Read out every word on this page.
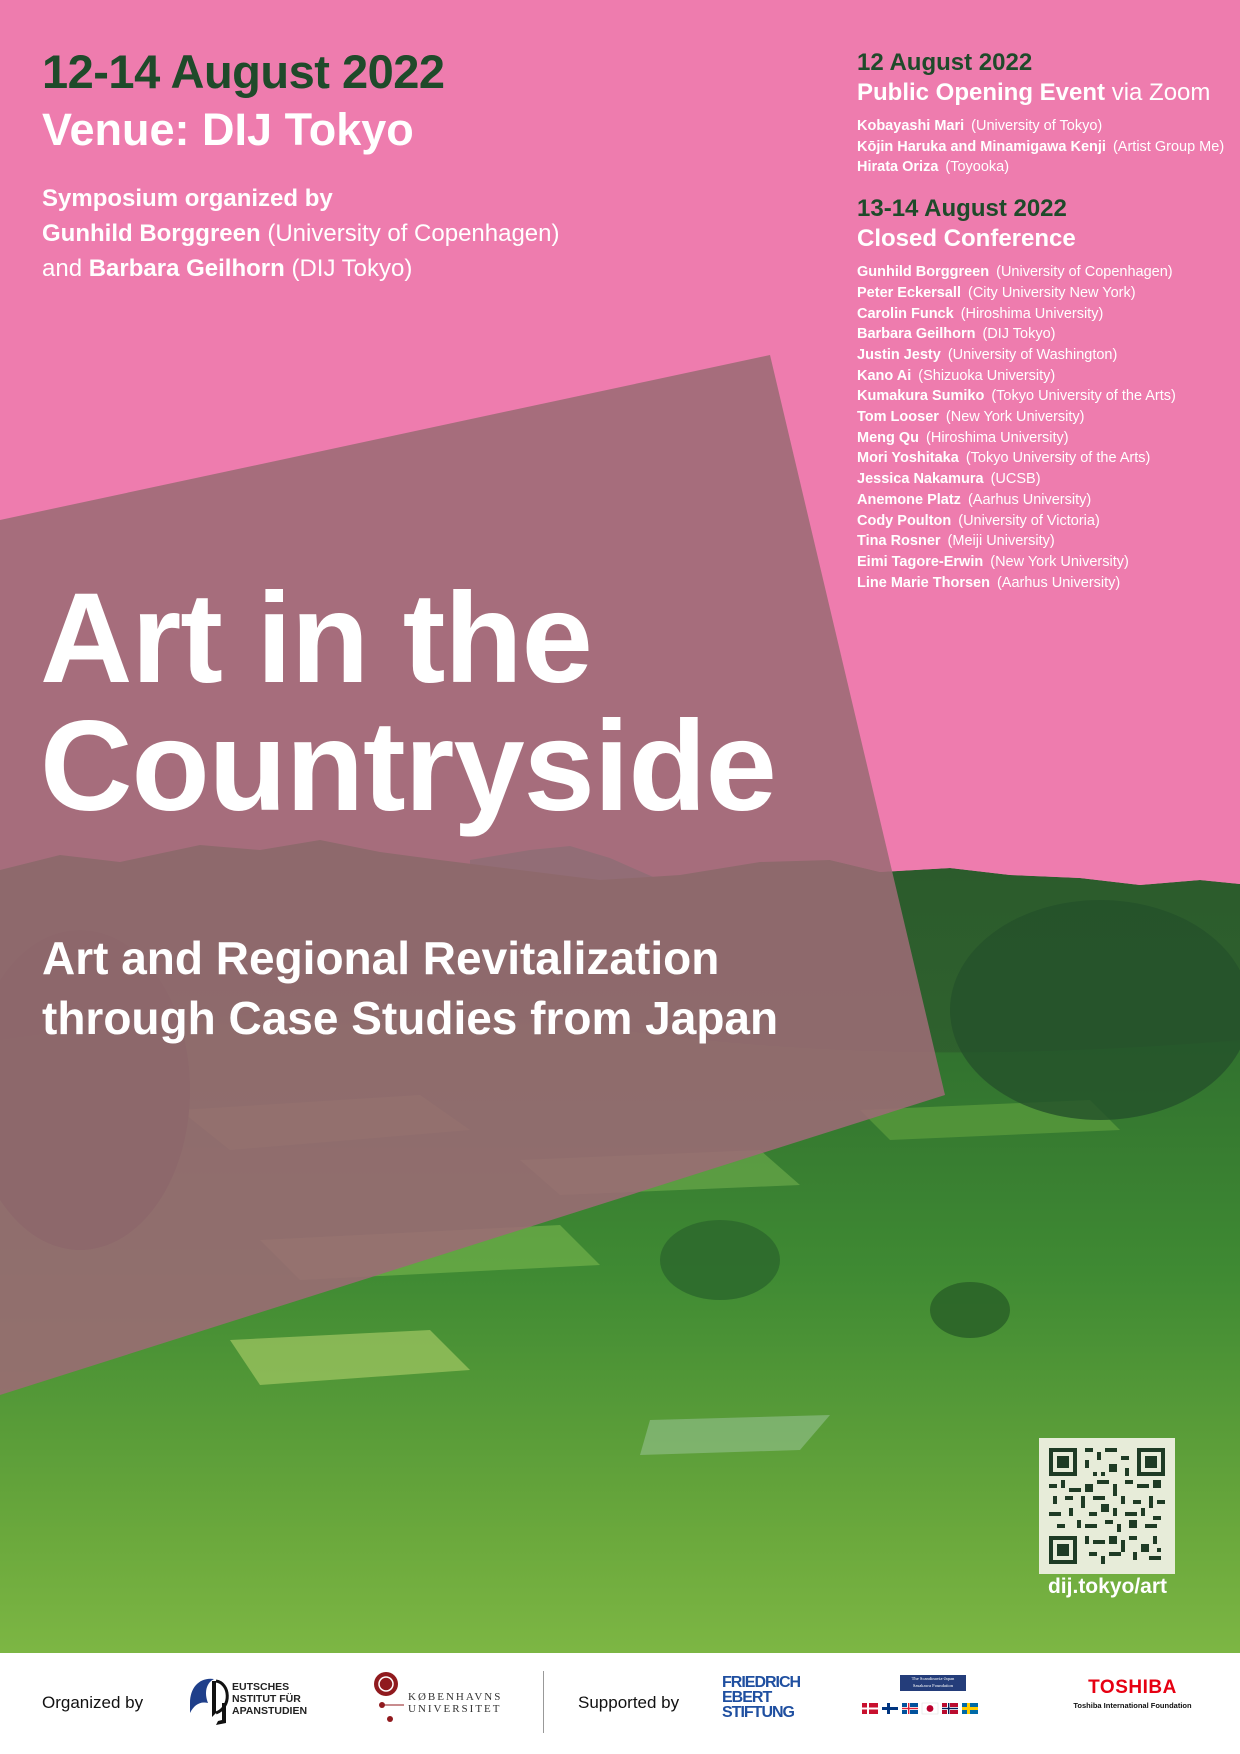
12-14 August 2022
Venue: DIJ Tokyo
Symposium organized by
Gunhild Borggreen (University of Copenhagen)
and Barbara Geilhorn (DIJ Tokyo)
12 August 2022
Public Opening Event via Zoom
Kobayashi Mari (University of Tokyo)
Kōjin Haruka and Minamigawa Kenji (Artist Group Me)
Hirata Oriza (Toyooka)
13-14 August 2022
Closed Conference
Gunhild Borggreen (University of Copenhagen)
Peter Eckersall (City University New York)
Carolin Funck (Hiroshima University)
Barbara Geilhorn (DIJ Tokyo)
Justin Jesty (University of Washington)
Kano Ai (Shizuoka University)
Kumakura Sumiko (Tokyo University of the Arts)
Tom Looser (New York University)
Meng Qu (Hiroshima University)
Mori Yoshitaka (Tokyo University of the Arts)
Jessica Nakamura (UCSB)
Anemone Platz (Aarhus University)
Cody Poulton (University of Victoria)
Tina Rosner (Meiji University)
Eimi Tagore-Erwin (New York University)
Line Marie Thorsen (Aarhus University)
Art in the
Countryside
Art and Regional Revitalization
through Case Studies from Japan
dij.tokyo/art
Organized by
EUTSCHES
NSTITUT FÜR
APANSTUDIEN
KØBENHAVNS
UNIVERSITET	Supported by
FRIEDRICH
EBERT
STIFTUNG
The Scandinavia-Japan
Sasakawa Foundation	TOSHIBA
Toshiba International Foundation
